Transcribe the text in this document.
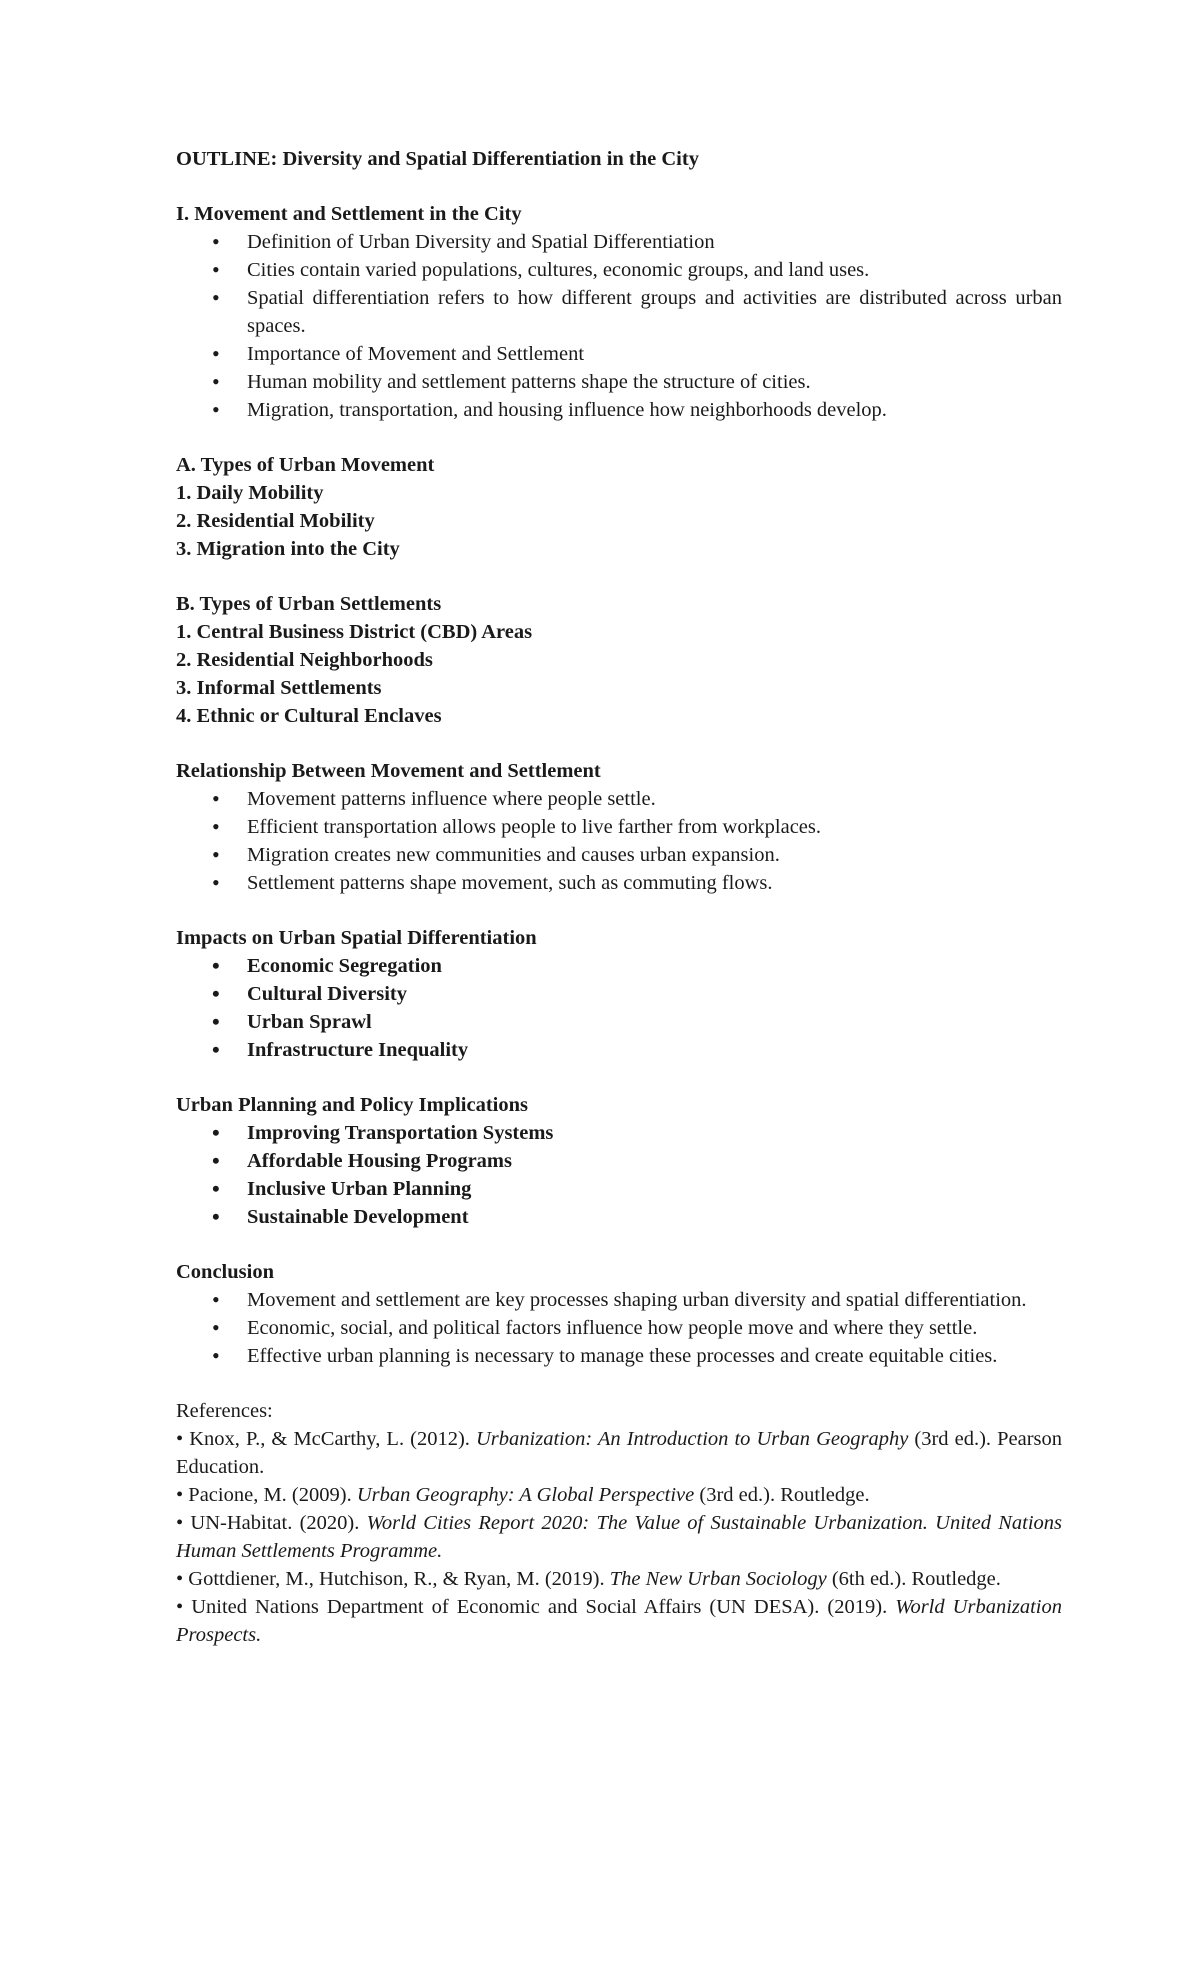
OUTLINE: Diversity and Spatial Differentiation in the City

I. Movement and Settlement in the City

• Definition of Urban Diversity and Spatial Differentiation
• Cities contain varied populations, cultures, economic groups, and land uses.
• Spatial differentiation refers to how different groups and activities are distributed across urban spaces.
• Importance of Movement and Settlement
• Human mobility and settlement patterns shape the structure of cities.
• Migration, transportation, and housing influence how neighborhoods develop.

A. Types of Urban Movement

1. Daily Mobility

2. Residential Mobility

3. Migration into the City

B. Types of Urban Settlements

1. Central Business District (CBD) Areas

2. Residential Neighborhoods

3. Informal Settlements

4. Ethnic or Cultural Enclaves

Relationship Between Movement and Settlement

• Movement patterns influence where people settle.
• Efficient transportation allows people to live farther from workplaces.
• Migration creates new communities and causes urban expansion.
• Settlement patterns shape movement, such as commuting flows.

Impacts on Urban Spatial Differentiation

• Economic Segregation
• Cultural Diversity
• Urban Sprawl
• Infrastructure Inequality

Urban Planning and Policy Implications

• Improving Transportation Systems
• Affordable Housing Programs
• Inclusive Urban Planning
• Sustainable Development

Conclusion

• Movement and settlement are key processes shaping urban diversity and spatial differentiation.
• Economic, social, and political factors influence how people move and where they settle.
• Effective urban planning is necessary to manage these processes and create equitable cities.

References:

• Knox, P., & McCarthy, L. (2012). Urbanization: An Introduction to Urban Geography (3rd ed.). Pearson Education.

• Pacione, M. (2009). Urban Geography: A Global Perspective (3rd ed.). Routledge.

• UN-Habitat. (2020). World Cities Report 2020: The Value of Sustainable Urbanization. United Nations Human Settlements Programme.

• Gottdiener, M., Hutchison, R., & Ryan, M. (2019). The New Urban Sociology (6th ed.). Routledge.

• United Nations Department of Economic and Social Affairs (UN DESA). (2019). World Urbanization Prospects.
